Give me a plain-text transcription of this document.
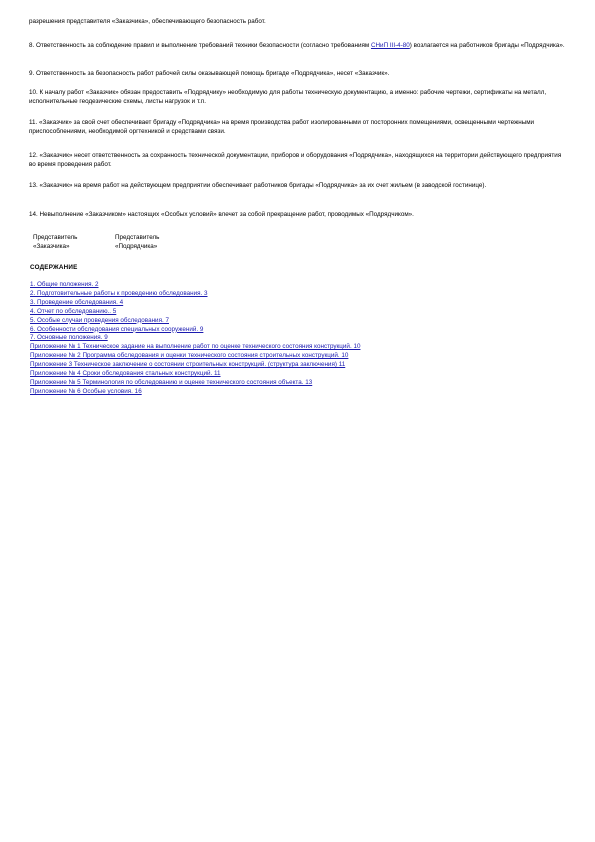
разрешения представителя «Заказчика», обеспечивающего безопасность работ.

8. Ответственность за соблюдение правил и выполнение требований техники безопасности (согласно требованиям СНиП III-4-80) возлагается на работников бригады «Подрядчика».

9. Ответственность за безопасность работ рабочей силы оказывающей помощь бригаде «Подрядчика», несет «Заказчик».

10. К началу работ «Заказчик» обязан предоставить «Подрядчику» необходимую для работы техническую документацию, а именно: рабочие чертежи, сертификаты на металл, исполнительные геодезические схемы, листы нагрузок и т.п.

11. «Заказчик» за свой счет обеспечивает бригаду «Подрядчика» на время производства работ изолированными от посторонних помещениями, освещенными чертежными приспособлениями, необходимой оргтехникой и средствами связи.

12. «Заказчик» несет ответственность за сохранность технической документации, приборов и оборудования «Подрядчика», находящихся на территории действующего предприятия во время проведения работ.

13. «Заказчик» на время работ на действующем предприятии обеспечивает работников бригады «Подрядчика» за их счет жильем (в заводской гостинице).

14. Невыполнение «Заказчиком» настоящих «Особых условий» влечет за собой прекращение работ, проводимых «Подрядчиком».

Представитель
«Заказчика»
Представитель
«Подрядчика»
СОДЕРЖАНИЕ
1. Общие положения. 2
2. Подготовительные работы к проведению обследования. 3
3. Проведение обследования. 4
4. Отчет по обследованию.. 5
5. Особые случаи проведения обследования. 7
6. Особенности обследования специальных сооружений. 9
7. Основные положения. 9
Приложение № 1 Техническое задание на выполнение работ по оценке технического состояния конструкций. 10
Приложение № 2 Программа обследования и оценки технического состояния строительных конструкций. 10
Приложение 3 Техническое заключение о состоянии строительных конструкций. (структура заключения) 11
Приложение № 4 Сроки обследования стальных конструкций. 11
Приложение № 5 Терминология по обследованию и оценке технического состояния объекта. 13
Приложение № 6 Особые условия. 16
